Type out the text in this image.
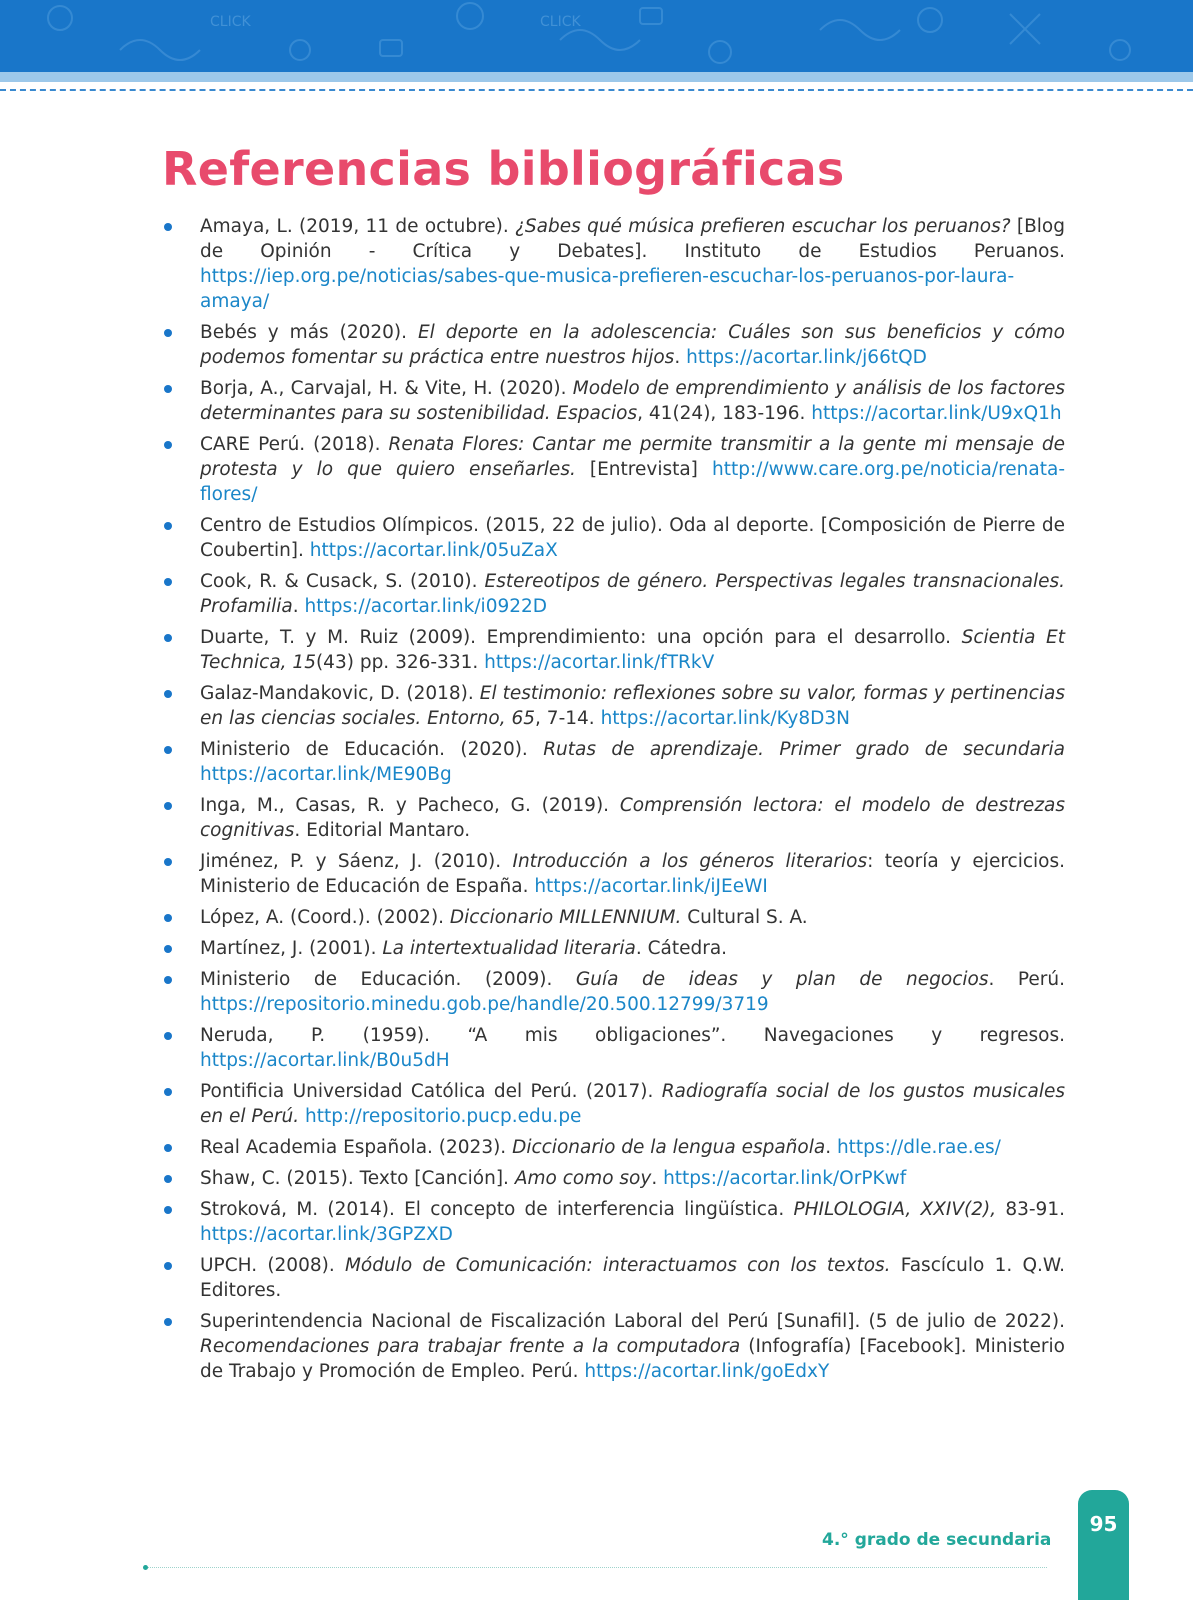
CLICK	CLICK
Referencias bibliográficas
Amaya, L. (2019, 11 de octubre). ¿Sabes qué música prefieren escuchar los peruanos? [Blog de Opinión - Crítica y Debates]. Instituto de Estudios Peruanos. https://iep.org.pe/noticias/sabes-que-musica-prefieren-escuchar-los-peruanos-por-laura-amaya/
Bebés y más (2020). El deporte en la adolescencia: Cuáles son sus beneficios y cómo podemos fomentar su práctica entre nuestros hijos. https://acortar.link/j66tQD
Borja, A., Carvajal, H. & Vite, H. (2020). Modelo de emprendimiento y análisis de los factores determinantes para su sostenibilidad. Espacios, 41(24), 183-196. https://acortar.link/U9xQ1h
CARE Perú. (2018). Renata Flores: Cantar me permite transmitir a la gente mi mensaje de protesta y lo que quiero enseñarles. [Entrevista] http://www.care.org.pe/noticia/renata-flores/
Centro de Estudios Olímpicos. (2015, 22 de julio). Oda al deporte. [Composición de Pierre de Coubertin]. https://acortar.link/05uZaX
Cook, R. & Cusack, S. (2010). Estereotipos de género. Perspectivas legales transnacionales. Profamilia. https://acortar.link/i0922D
Duarte, T. y M. Ruiz (2009). Emprendimiento: una opción para el desarrollo. Scientia Et Technica, 15(43) pp. 326-331. https://acortar.link/fTRkV
Galaz-Mandakovic, D. (2018). El testimonio: reflexiones sobre su valor, formas y pertinencias en las ciencias sociales. Entorno, 65, 7-14. https://acortar.link/Ky8D3N
Ministerio de Educación. (2020). Rutas de aprendizaje. Primer grado de secundaria https://acortar.link/ME90Bg
Inga, M., Casas, R. y Pacheco, G. (2019). Comprensión lectora: el modelo de destrezas cognitivas. Editorial Mantaro.
Jiménez, P. y Sáenz, J. (2010). Introducción a los géneros literarios: teoría y ejercicios. Ministerio de Educación de España. https://acortar.link/iJEeWI
López, A. (Coord.). (2002). Diccionario MILLENNIUM. Cultural S. A.
Martínez, J. (2001). La intertextualidad literaria. Cátedra.
Ministerio de Educación. (2009). Guía de ideas y plan de negocios. Perú. https://repositorio.minedu.gob.pe/handle/20.500.12799/3719
Neruda, P. (1959). “A mis obligaciones”. Navegaciones y regresos. https://acortar.link/B0u5dH
Pontificia Universidad Católica del Perú. (2017). Radiografía social de los gustos musicales en el Perú. http://repositorio.pucp.edu.pe
Real Academia Española. (2023). Diccionario de la lengua española. https://dle.rae.es/
Shaw, C. (2015). Texto [Canción]. Amo como soy. https://acortar.link/OrPKwf
Stroková, M. (2014). El concepto de interferencia lingüística. PHILOLOGIA, XXIV(2), 83-91. https://acortar.link/3GPZXD
UPCH. (2008). Módulo de Comunicación: interactuamos con los textos. Fascículo 1. Q.W. Editores.
Superintendencia Nacional de Fiscalización Laboral del Perú [Sunafil]. (5 de julio de 2022). Recomendaciones para trabajar frente a la computadora (Infografía) [Facebook]. Ministerio de Trabajo y Promoción de Empleo. Perú. https://acortar.link/goEdxY
4.° grado de secundaria
95
